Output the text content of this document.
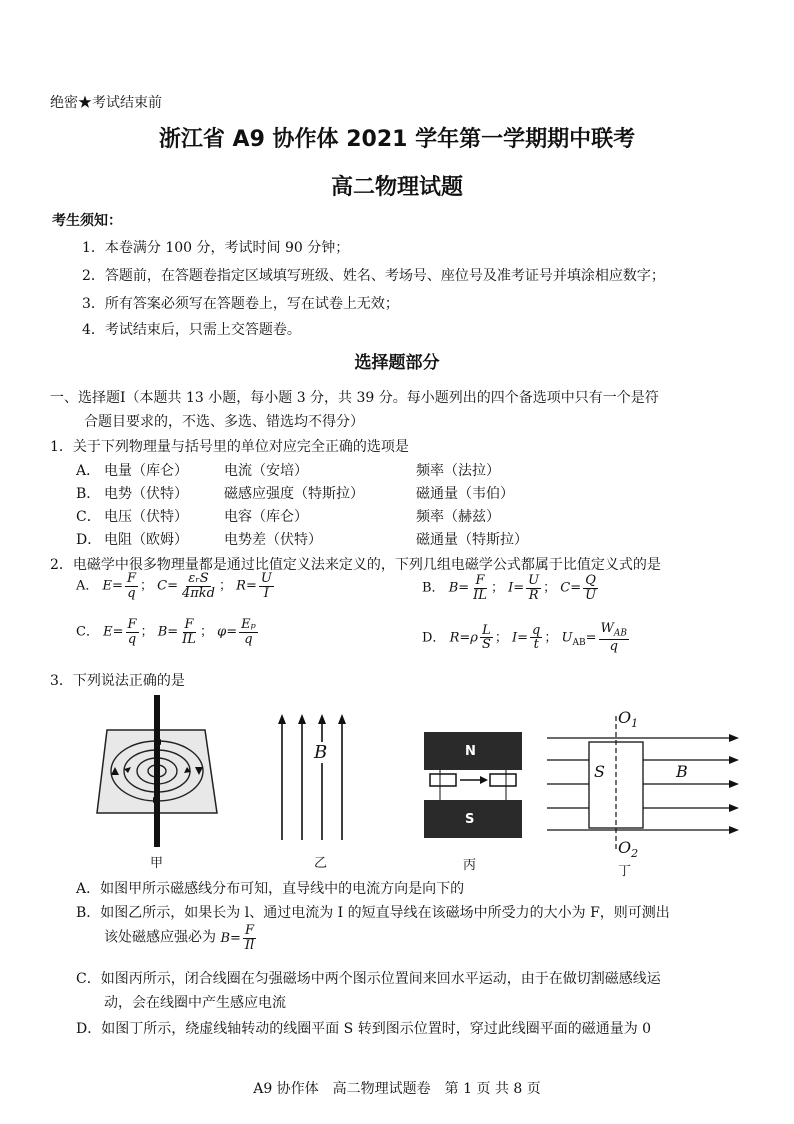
绝密★考试结束前
浙江省 A9 协作体 2021 学年第一学期期中联考
高二物理试题
考生须知：
1．本卷满分 100 分，考试时间 90 分钟；
2．答题前，在答题卷指定区域填写班级、姓名、考场号、座位号及准考证号并填涂相应数字；
3．所有答案必须写在答题卷上，写在试卷上无效；
4．考试结束后，只需上交答题卷。
选择题部分
一、选择题Ⅰ（本题共 13 小题，每小题 3 分，共 39 分。每小题列出的四个备选项中只有一个是符
合题目要求的，不选、多选、错选均不得分）
1．关于下列物理量与括号里的单位对应完全正确的选项是
A． 电量（库仑）	电流（安培）	频率（法拉）
B． 电势（伏特）	磁感应强度（特斯拉）	磁通量（韦伯）
C． 电压（伏特）	电容（库仑）	频率（赫兹）
D． 电阻（欧姆）	电势差（伏特）	磁通量（特斯拉）
2．电磁学中很多物理量都是通过比值定义法来定义的，下列几组电磁学公式都属于比值定义式的是
A． $E= \frac{F}{q}$ ； $C= \frac{\text{εᵣS}}{\text{4πkd}}$ ； $R= \frac{U}{I}$	B． $B= \frac{F}{IL}$ ； $I= \frac{U}{R}$ ； $C= \frac{Q}{U}$
C． $E= \frac{F}{q}$ ； $B= \frac{F}{IL}$ ； $\varphi= \frac{\text{Eₚ}}{q}$	D． $R=\rho \frac{L}{S}$ ； $I= \frac{q}{t}$ ； $U_{AB}= \frac{W_{AB}}{q}$
3．下列说法正确的是
甲
B
乙
N
S
丙
S	B
$O_1$
$O_2$
丁
A．如图甲所示磁感线分布可知，直导线中的电流方向是向下的
B．如图乙所示，如果长为 l、通过电流为 I 的短直导线在该磁场中所受力的大小为 F，则可测出
该处磁感应强必为 $B= \frac{F}{Il}$
C．如图丙所示，闭合线圈在匀强磁场中两个图示位置间来回水平运动，由于在做切割磁感线运
动，会在线圈中产生感应电流
D．如图丁所示，绕虚线轴转动的线圈平面 S 转到图示位置时，穿过此线圈平面的磁通量为 0
A9 协作体　高二物理试题卷　第 1 页 共 8 页
